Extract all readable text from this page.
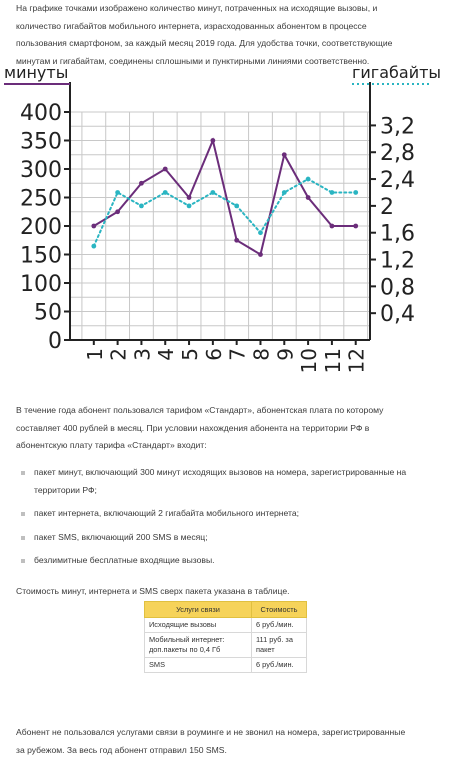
На графике точками изображено количество минут, потраченных на исходящие вызовы, и
количество гигабайтов мобильного интернета, израсходованных абонентом в процессе
пользования смартфоном, за каждый месяц 2019 года. Для удобства точки, соответствующие
минутам и гигабайтам, соединены сплошными и пунктирными линиями соответственно.

минуты	гигабайты
0
50
100
150
200
250
300
350
400
0,4
0,8
1,2
1,6
2
2,4
2,8
3,2
1 2 3 4 5 6 7 8 9 10 11 12

В течение года абонент пользовался тарифом «Стандарт», абонентская плата по которому
составляет 400 рублей в месяц. При условии нахождения абонента на территории РФ в
абонентскую плату тарифа «Стандарт» входит:

пакет минут, включающий 300 минут исходящих вызовов на номера, зарегистрированные на
территории РФ;
пакет интернета, включающий 2 гигабайта мобильного интернета;
пакет SMS, включающий 200 SMS в месяц;
безлимитные бесплатные входящие вызовы.

Стоимость минут, интернета и SMS сверх пакета указана в таблице.

Услуги связи	Стоимость
Исходящие вызовы	6 руб./мин.
Мобильный интернет:
доп.пакеты по 0,4 Гб	111 руб. за
пакет
SMS	6 руб./мин.

Абонент не пользовался услугами связи в роуминге и не звонил на номера, зарегистрированные
за рубежом. За весь год абонент отправил 150 SMS.
